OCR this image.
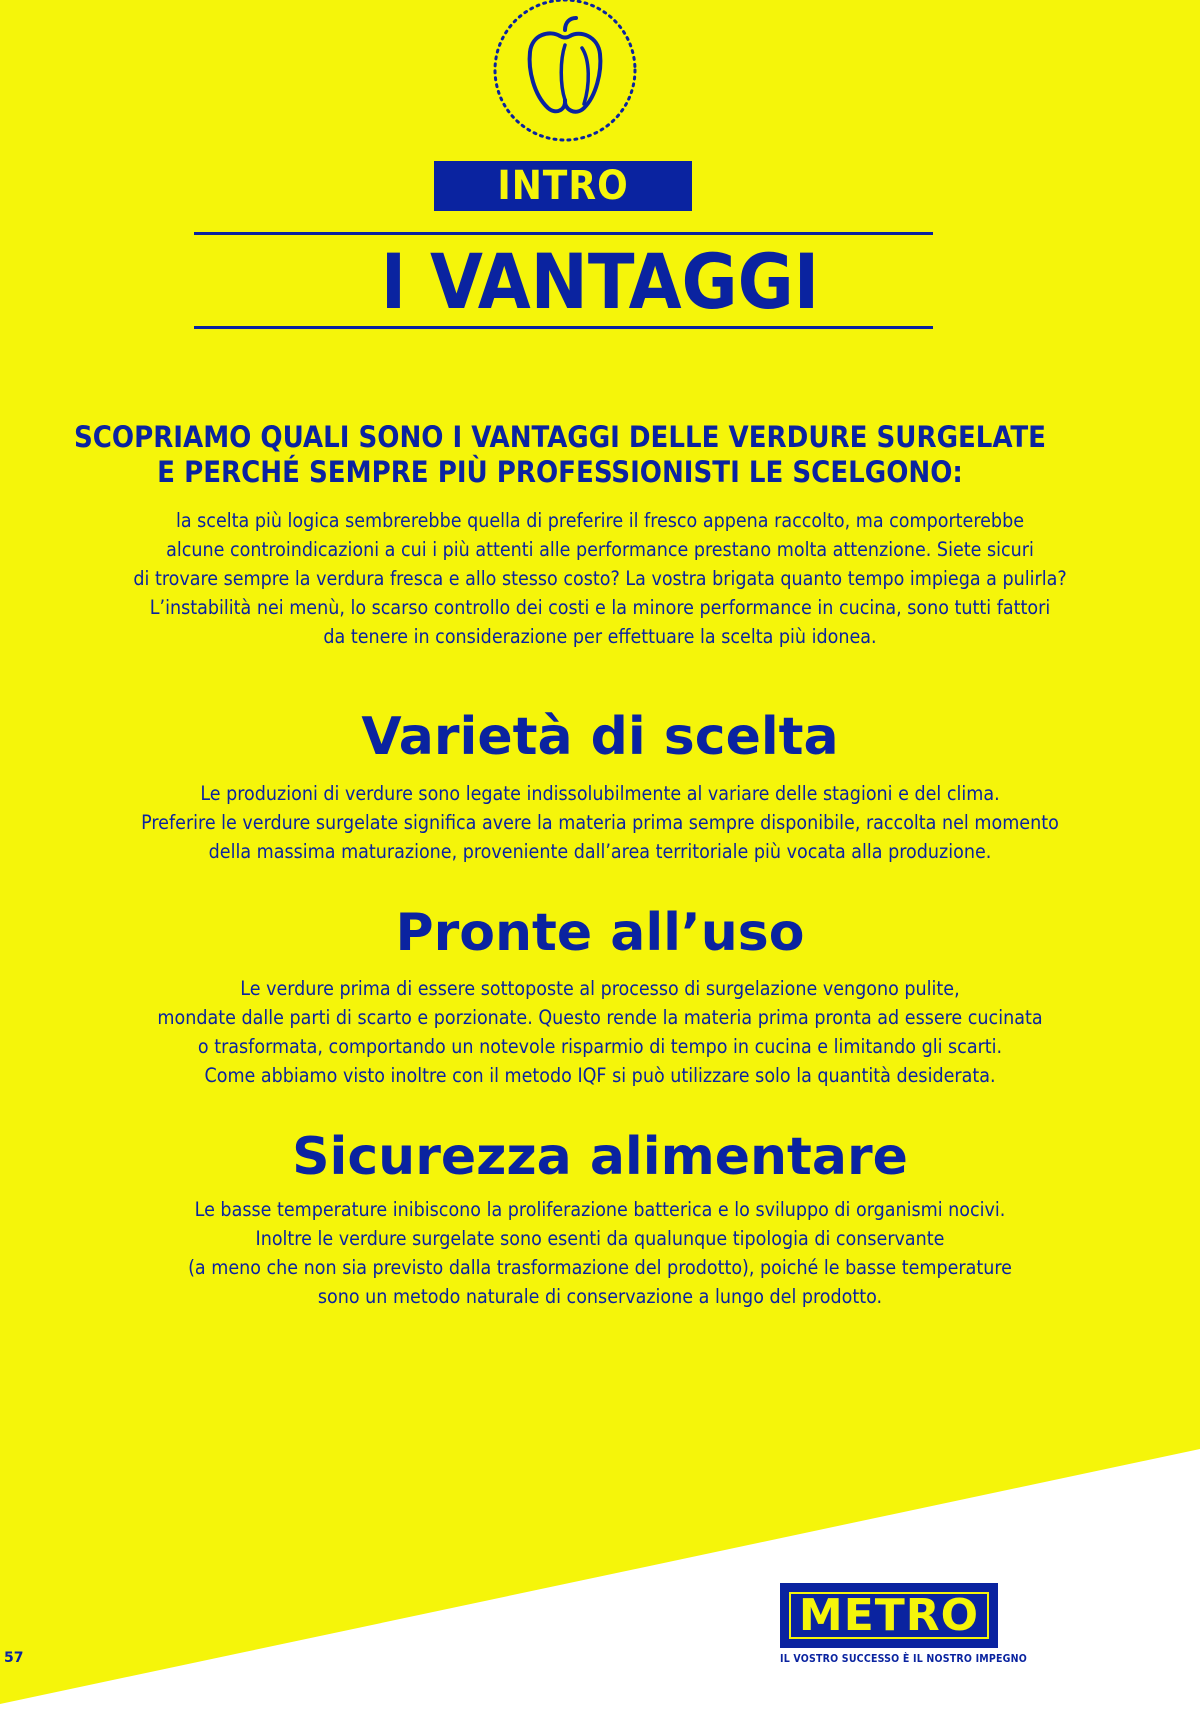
INTRO
I VANTAGGI
SCOPRIAMO QUALI SONO I VANTAGGI DELLE VERDURE SURGELATE
E PERCHÉ SEMPRE PIÙ PROFESSIONISTI LE SCELGONO:
la scelta più logica sembrerebbe quella di preferire il fresco appena raccolto, ma comporterebbe
alcune controindicazioni a cui i più attenti alle performance prestano molta attenzione. Siete sicuri
di trovare sempre la verdura fresca e allo stesso costo? La vostra brigata quanto tempo impiega a pulirla?
L’instabilità nei menù, lo scarso controllo dei costi e la minore performance in cucina, sono tutti fattori
da tenere in considerazione per effettuare la scelta più idonea.
Varietà di scelta
Le produzioni di verdure sono legate indissolubilmente al variare delle stagioni e del clima.
Preferire le verdure surgelate significa avere la materia prima sempre disponibile, raccolta nel momento
della massima maturazione, proveniente dall’area territoriale più vocata alla produzione.
Pronte all’uso
Le verdure prima di essere sottoposte al processo di surgelazione vengono pulite,
mondate dalle parti di scarto e porzionate. Questo rende la materia prima pronta ad essere cucinata
o trasformata, comportando un notevole risparmio di tempo in cucina e limitando gli scarti.
Come abbiamo visto inoltre con il metodo IQF si può utilizzare solo la quantità desiderata.
Sicurezza alimentare
Le basse temperature inibiscono la proliferazione batterica e lo sviluppo di organismi nocivi.
Inoltre le verdure surgelate sono esenti da qualunque tipologia di conservante
(a meno che non sia previsto dalla trasformazione del prodotto), poiché le basse temperature
sono un metodo naturale di conservazione a lungo del prodotto.
METRO
IL VOSTRO SUCCESSO È IL NOSTRO IMPEGNO
57
